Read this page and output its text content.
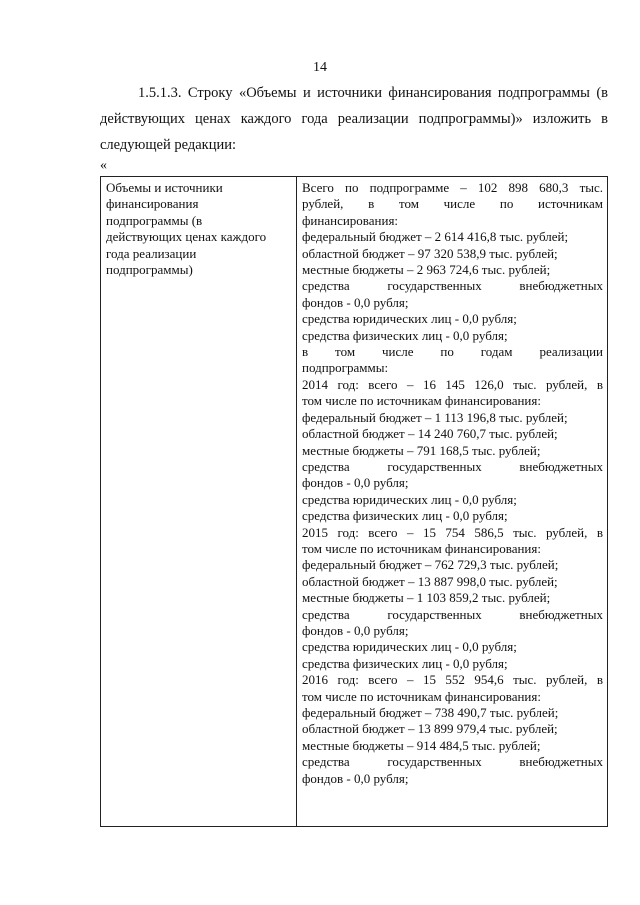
14
1.5.1.3. Строку «Объемы и источники финансирования подпрограммы (в действующих ценах каждого года реализации подпрограммы)» изложить в следующей редакции:
«
Объемы и источники
финансирования
подпрограммы (в
действующих ценах каждого
года реализации
подпрограммы)

Всего по подпрограмме – 102 898 680,3 тыс.
рублей, в том числе по источникам
финансирования:
федеральный бюджет – 2 614 416,8 тыс. рублей;
областной бюджет – 97 320 538,9 тыс. рублей;
местные бюджеты – 2 963 724,6 тыс. рублей;
средства государственных внебюджетных
фондов - 0,0 рубля;
средства юридических лиц - 0,0 рубля;
средства физических лиц - 0,0 рубля;
в том числе по годам реализации
подпрограммы:
2014 год: всего – 16 145 126,0 тыс. рублей, в
том числе по источникам финансирования:
федеральный бюджет – 1 113 196,8 тыс. рублей;
областной бюджет – 14 240 760,7 тыс. рублей;
местные бюджеты – 791 168,5 тыс. рублей;
средства государственных внебюджетных
фондов - 0,0 рубля;
средства юридических лиц - 0,0 рубля;
средства физических лиц - 0,0 рубля;
2015 год: всего – 15 754 586,5 тыс. рублей, в
том числе по источникам финансирования:
федеральный бюджет – 762 729,3 тыс. рублей;
областной бюджет – 13 887 998,0 тыс. рублей;
местные бюджеты – 1 103 859,2 тыс. рублей;
средства государственных внебюджетных
фондов - 0,0 рубля;
средства юридических лиц - 0,0 рубля;
средства физических лиц - 0,0 рубля;
2016 год: всего – 15 552 954,6 тыс. рублей, в
том числе по источникам финансирования:
федеральный бюджет – 738 490,7 тыс. рублей;
областной бюджет – 13 899 979,4 тыс. рублей;
местные бюджеты – 914 484,5 тыс. рублей;
средства государственных внебюджетных
фондов - 0,0 рубля;
